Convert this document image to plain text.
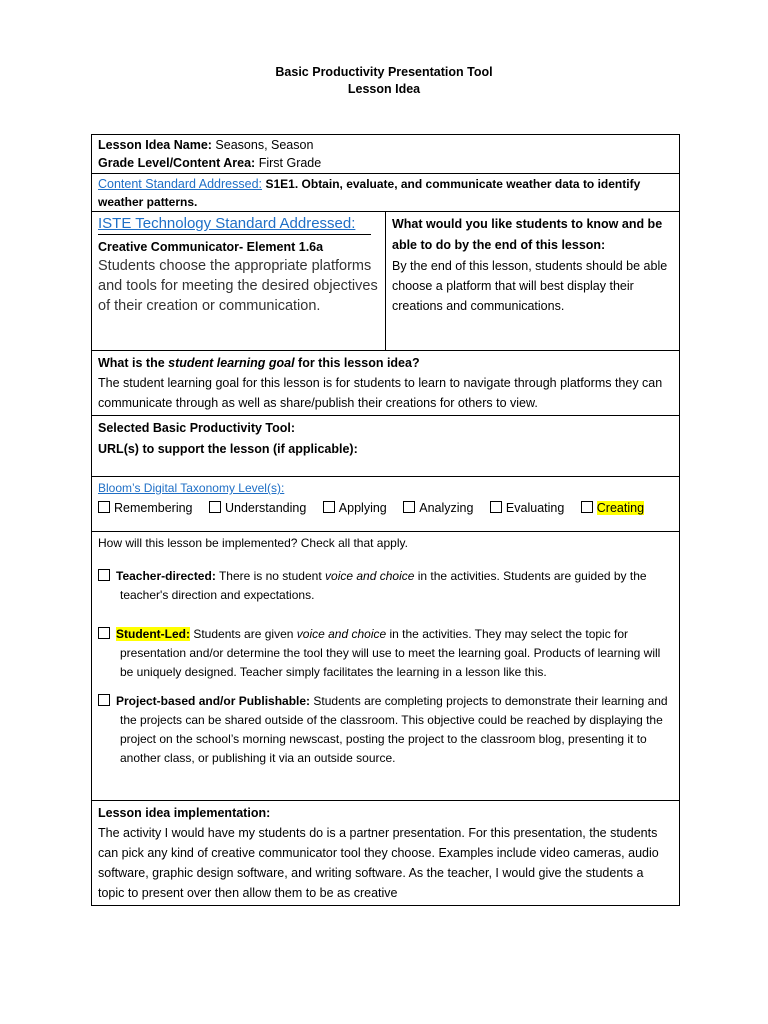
Basic Productivity Presentation Tool
Lesson Idea
Lesson Idea Name: Seasons, Season
Grade Level/Content Area: First Grade

Content Standard Addressed: S1E1. Obtain, evaluate, and communicate weather data to identify weather patterns.

ISTE Technology Standard Addressed:
Creative Communicator- Element 1.6a
Students choose the appropriate platforms and tools for meeting the desired objectives of their creation or communication.

What would you like students to know and be able to do by the end of this lesson:
By the end of this lesson, students should be able choose a platform that will best display their creations and communications.

What is the student learning goal for this lesson idea?
The student learning goal for this lesson is for students to learn to navigate through platforms they can communicate through as well as share/publish their creations for others to view.

Selected Basic Productivity Tool:
URL(s) to support the lesson (if applicable):

Bloom’s Digital Taxonomy Level(s):
Remembering	Understanding	Applying	Analyzing	Evaluating	Creating

How will this lesson be implemented? Check all that apply.
Teacher-directed: There is no student voice and choice in the activities. Students are guided by the teacher's direction and expectations.
Student-Led: Students are given voice and choice in the activities. They may select the topic for presentation and/or determine the tool they will use to meet the learning goal. Products of learning will be uniquely designed. Teacher simply facilitates the learning in a lesson like this.
Project-based and/or Publishable: Students are completing projects to demonstrate their learning and the projects can be shared outside of the classroom. This objective could be reached by displaying the project on the school’s morning newscast, posting the project to the classroom blog, presenting it to another class, or publishing it via an outside source.

Lesson idea implementation:
The activity I would have my students do is a partner presentation. For this presentation, the students can pick any kind of creative communicator tool they choose. Examples include video cameras, audio software, graphic design software, and writing software. As the teacher, I would give the students a topic to present over then allow them to be as creative
